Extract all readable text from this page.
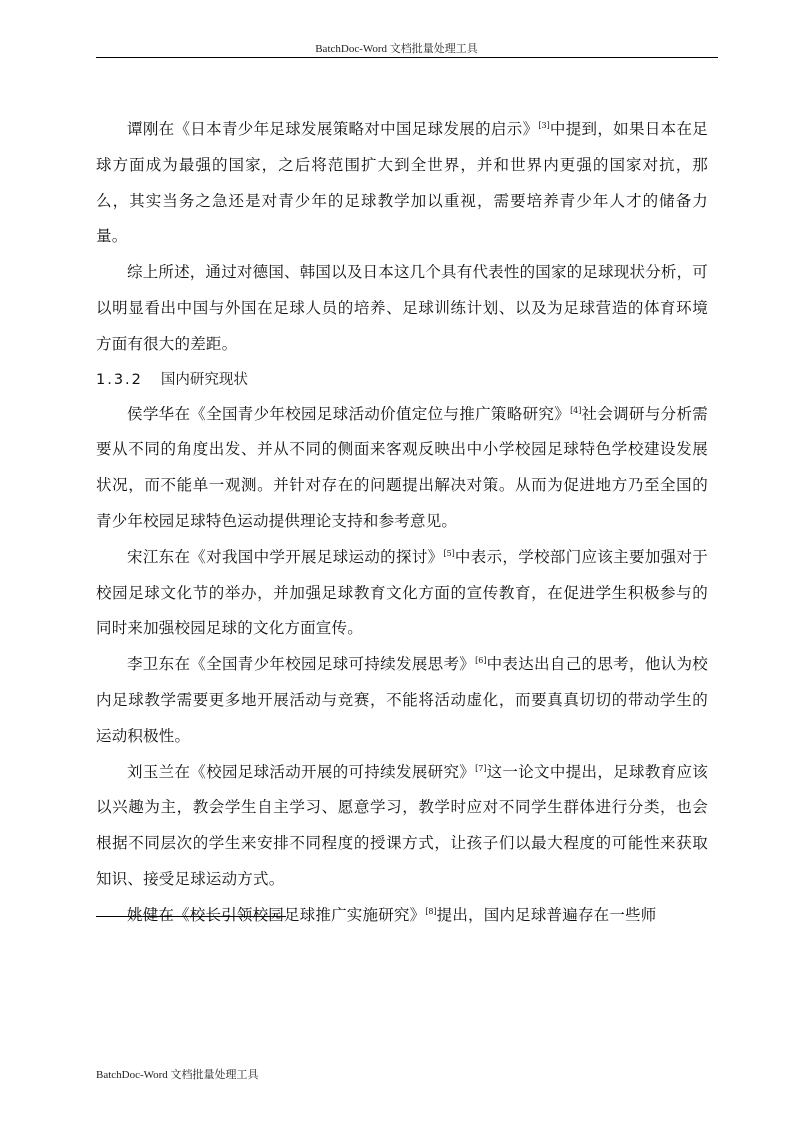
BatchDoc-Word 文档批量处理工具

谭刚在《日本青少年足球发展策略对中国足球发展的启示》[3]中提到，如果日本在足球方面成为最强的国家，之后将范围扩大到全世界，并和世界内更强的国家对抗，那么，其实当务之急还是对青少年的足球教学加以重视，需要培养青少年人才的储备力量。

综上所述，通过对德国、韩国以及日本这几个具有代表性的国家的足球现状分析，可以明显看出中国与外国在足球人员的培养、足球训练计划、以及为足球营造的体育环境方面有很大的差距。

1.3.2 国内研究现状

侯学华在《全国青少年校园足球活动价值定位与推广策略研究》[4]社会调研与分析需要从不同的角度出发、并从不同的侧面来客观反映出中小学校园足球特色学校建设发展状况，而不能单一观测。并针对存在的问题提出解决对策。从而为促进地方乃至全国的青少年校园足球特色运动提供理论支持和参考意见。

宋江东在《对我国中学开展足球运动的探讨》[5]中表示，学校部门应该主要加强对于校园足球文化节的举办，并加强足球教育文化方面的宣传教育，在促进学生积极参与的同时来加强校园足球的文化方面宣传。

李卫东在《全国青少年校园足球可持续发展思考》[6]中表达出自己的思考，他认为校内足球教学需要更多地开展活动与竞赛，不能将活动虚化，而要真真切切的带动学生的运动积极性。

刘玉兰在《校园足球活动开展的可持续发展研究》[7]这一论文中提出，足球教育应该以兴趣为主，教会学生自主学习、愿意学习，教学时应对不同学生群体进行分类，也会根据不同层次的学生来安排不同程度的授课方式，让孩子们以最大程度的可能性来获取知识、接受足球运动方式。

姚健在《校长引领校园足球推广实施研究》[8]提出，国内足球普遍存在一些师

BatchDoc-Word 文档批量处理工具
